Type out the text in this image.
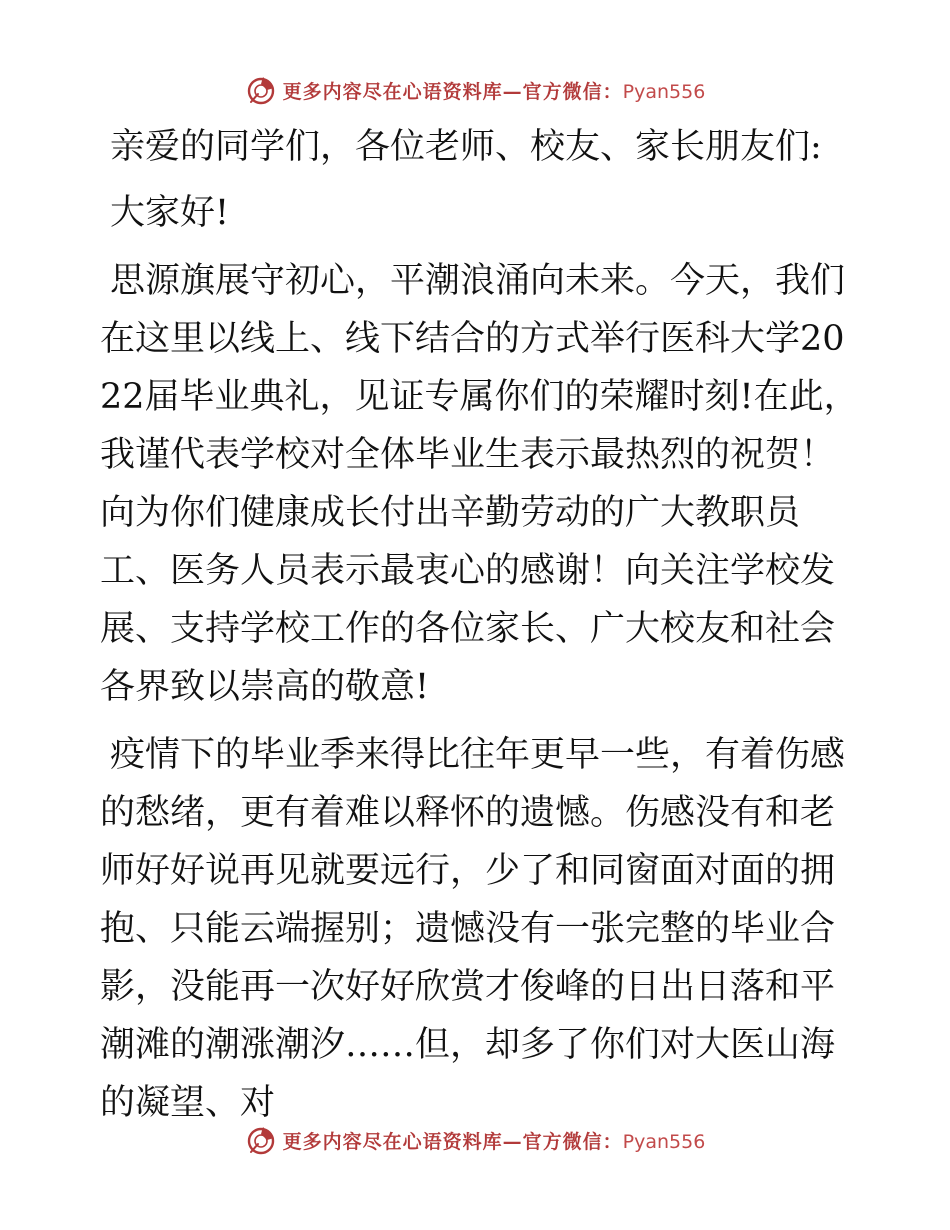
更多内容尽在心语资料库—官方微信：Pyan556

亲爱的同学们，各位老师、校友、家长朋友们:

大家好!

思源旗展守初心，平潮浪涌向未来。今天，我们在这里以线上、线下结合的方式举行医科大学2022届毕业典礼，见证专属你们的荣耀时刻!在此，我谨代表学校对全体毕业生表示最热烈的祝贺！向为你们健康成长付出辛勤劳动的广大教职员工、医务人员表示最衷心的感谢！向关注学校发展、支持学校工作的各位家长、广大校友和社会各界致以崇高的敬意!

疫情下的毕业季来得比往年更早一些，有着伤感的愁绪，更有着难以释怀的遗憾。伤感没有和老师好好说再见就要远行，少了和同窗面对面的拥抱、只能云端握别；遗憾没有一张完整的毕业合影，没能再一次好好欣赏才俊峰的日出日落和平潮滩的潮涨潮汐……但，却多了你们对大医山海的凝望、对

更多内容尽在心语资料库—官方微信：Pyan556
